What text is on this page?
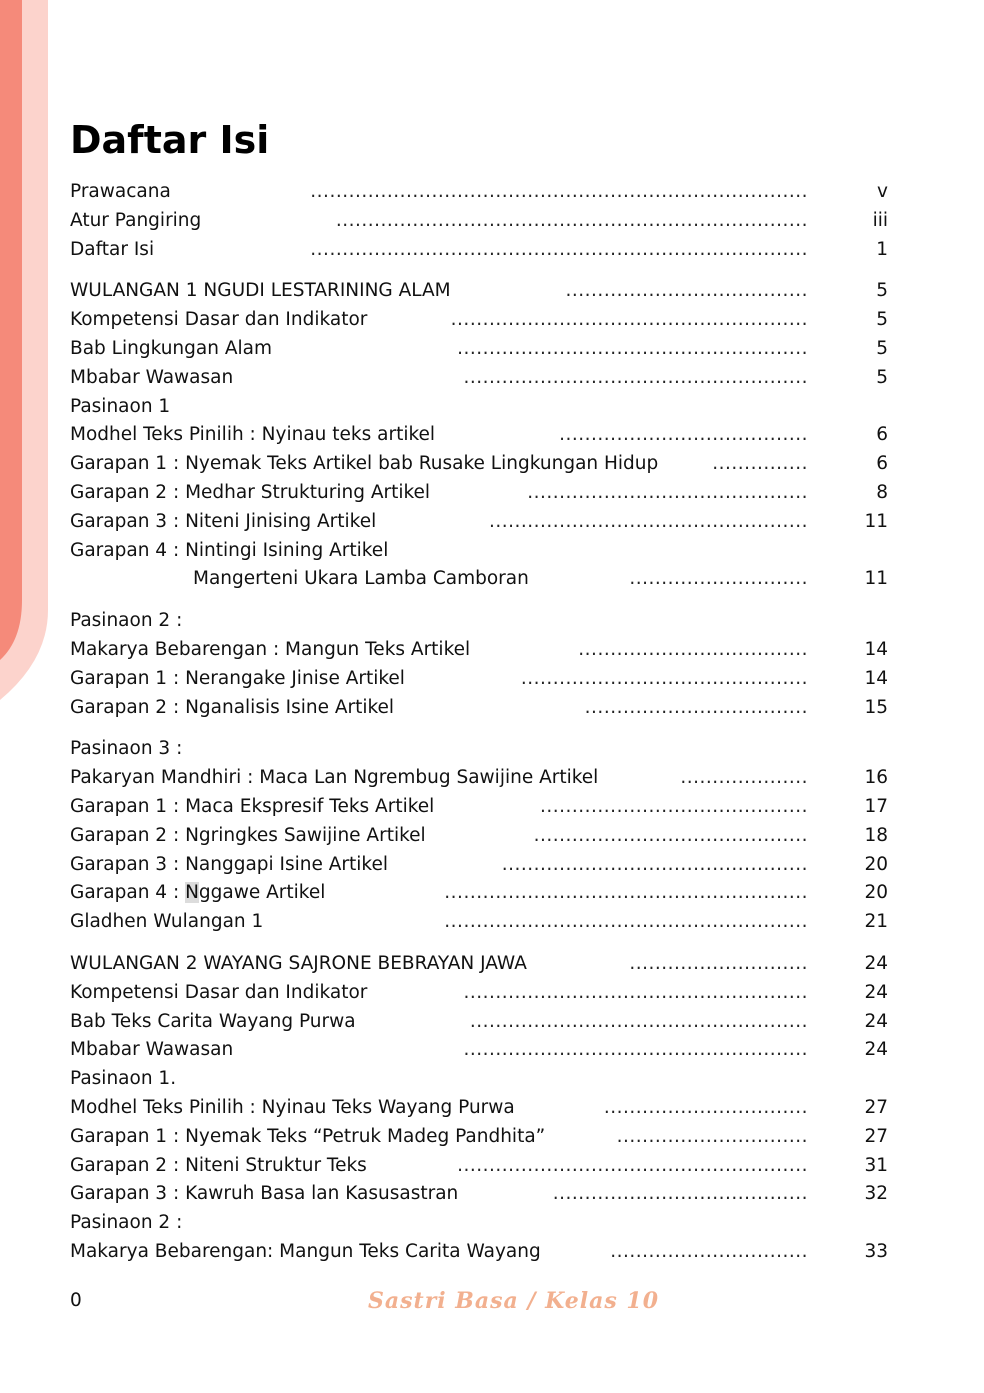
Daftar Isi
Prawacana	..............................................................................	v
Atur Pangiring	..........................................................................	iii
Daftar Isi	..............................................................................	1
WULANGAN 1 NGUDI LESTARINING ALAM	......................................	5
Kompetensi Dasar dan Indikator	........................................................	5
Bab Lingkungan Alam	.......................................................	5
Mbabar Wawasan	......................................................	5
Pasinaon 1
Modhel Teks Pinilih : Nyinau teks artikel	.......................................	6
Garapan 1 : Nyemak Teks Artikel bab Rusake Lingkungan Hidup	...............	6
Garapan 2 : Medhar Strukturing Artikel	............................................	8
Garapan 3 : Niteni Jinising Artikel	..................................................	11
Garapan 4 : Nintingi Isining Artikel
Mangerteni Ukara Lamba Camboran	............................	11
Pasinaon 2 :
Makarya Bebarengan : Mangun Teks Artikel	....................................	14
Garapan 1 : Nerangake Jinise Artikel	.............................................	14
Garapan 2 : Nganalisis Isine Artikel	...................................	15
Pasinaon 3 :
Pakaryan Mandhiri : Maca Lan Ngrembug Sawijine Artikel	....................	16
Garapan 1 : Maca Ekspresif Teks Artikel	..........................................	17
Garapan 2 : Ngringkes Sawijine Artikel	...........................................	18
Garapan 3 : Nanggapi Isine Artikel	................................................	20
Garapan 4 : Nggawe Artikel	.........................................................	20
Gladhen Wulangan 1	.........................................................	21
WULANGAN 2 WAYANG SAJRONE BEBRAYAN JAWA	............................	24
Kompetensi Dasar dan Indikator	......................................................	24
Bab Teks Carita Wayang Purwa	.....................................................	24
Mbabar Wawasan	......................................................	24
Pasinaon 1.
Modhel Teks Pinilih : Nyinau Teks Wayang Purwa	................................	27
Garapan 1 : Nyemak Teks “Petruk Madeg Pandhita”	..............................	27
Garapan 2 : Niteni Struktur Teks	.......................................................	31
Garapan 3 : Kawruh Basa lan Kasusastran	........................................	32
Pasinaon 2 :
Makarya Bebarengan: Mangun Teks Carita Wayang	...............................	33
0	Sastri Basa / Kelas 10
